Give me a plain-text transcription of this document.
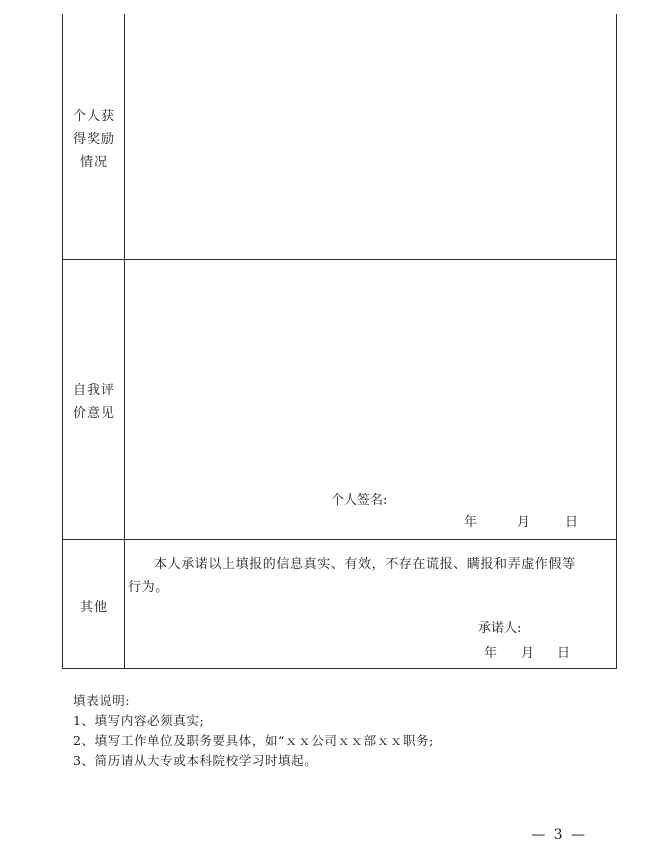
个人获
得奖励
情况
自我评
价意见
个人签名:
年	月	日
其他
本人承诺以上填报的信息真实、有效，不存在谎报、瞒报和弄虚作假等
行为。
承诺人:
年 月 日
填表说明:
1、填写内容必须真实;
2、填写工作单位及职务要具体，如“ｘｘ公司ｘｘ部ｘｘ职务;
3、简历请从大专或本科院校学习时填起。
— 3 —
